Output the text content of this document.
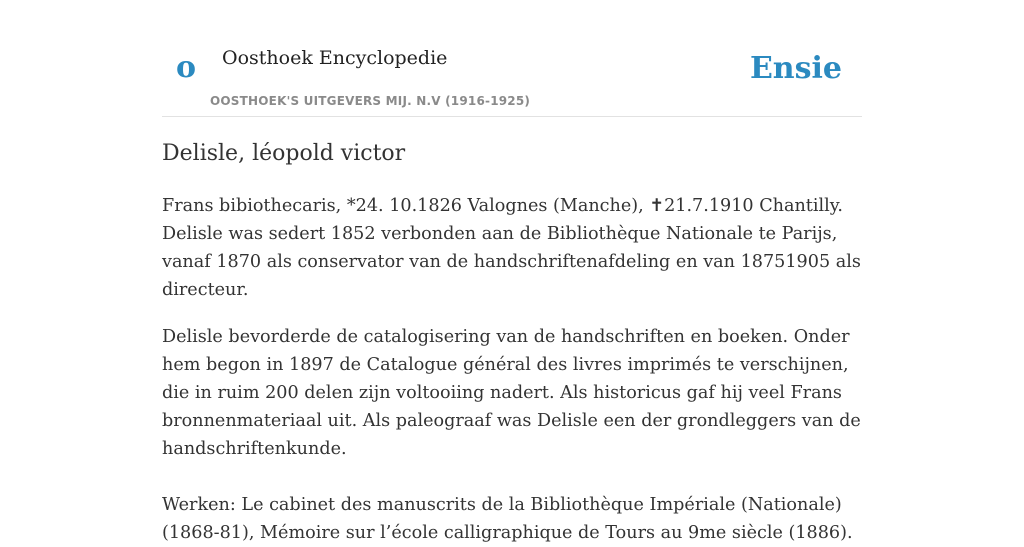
o Oosthoek Encyclopedie
OOSTHOEK'S UITGEVERS MIJ. N.V (1916-1925)
Ensie
Delisle, léopold victor

Frans bibiothecaris, *24. 10.1826 Valognes (Manche), ✝21.7.1910 Chantilly. Delisle was sedert 1852 verbonden aan de Bibliothèque Nationale te Parijs, vanaf 1870 als conservator van de handschriftenafdeling en van 18751905 als directeur.

Delisle bevorderde de catalogisering van de handschriften en boeken. Onder hem begon in 1897 de Catalogue général des livres imprimés te verschijnen, die in ruim 200 delen zijn voltooiing nadert. Als historicus gaf hij veel Frans bronnenmateriaal uit. Als paleograaf was Delisle een der grondleggers van de handschriftenkunde.

Werken: Le cabinet des manuscrits de la Bibliothèque Impériale (Nationale) (1868-81), Mémoire sur l’école calligraphique de Tours au 9me siècle (1886).
